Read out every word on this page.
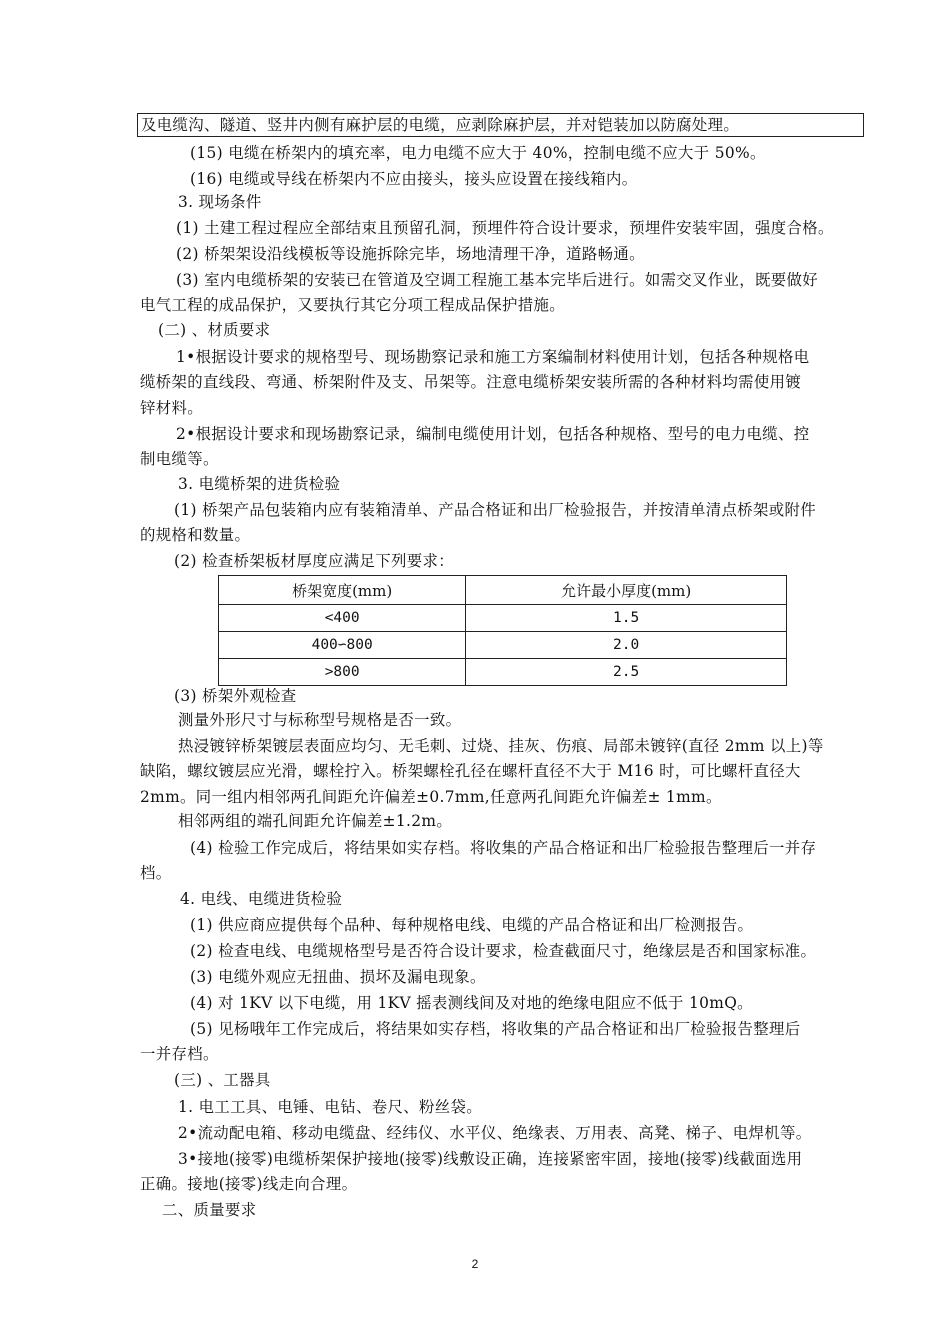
及电缆沟、隧道、竖井内侧有麻护层的电缆，应剥除麻护层，并对铠装加以防腐处理。
(15) 电缆在桥架内的填充率，电力电缆不应大于 40%，控制电缆不应大于 50%。
(16) 电缆或导线在桥架内不应由接头，接头应设置在接线箱内。
3. 现场条件
(1) 土建工程过程应全部结束且预留孔洞，预埋件符合设计要求，预埋件安装牢固，强度合格。
(2) 桥架架设沿线模板等设施拆除完毕，场地清理干净，道路畅通。
(3) 室内电缆桥架的安装已在管道及空调工程施工基本完毕后进行。如需交叉作业，既要做好
电气工程的成品保护，又要执行其它分项工程成品保护措施。
(二) 、材质要求
1•根据设计要求的规格型号、现场勘察记录和施工方案编制材料使用计划，包括各种规格电
缆桥架的直线段、弯通、桥架附件及支、吊架等。注意电缆桥架安装所需的各种材料均需使用镀
锌材料。
2•根据设计要求和现场勘察记录，编制电缆使用计划，包括各种规格、型号的电力电缆、控
制电缆等。
3. 电缆桥架的进货检验
(1) 桥架产品包装箱内应有装箱清单、产品合格证和出厂检验报告，并按清单清点桥架或附件
的规格和数量。
(2) 检查桥架板材厚度应满足下列要求：
桥架宽度(mm)	允许最小厚度(mm)
<400	1.5
400∽800	2.0
>800	2.5
(3) 桥架外观检查
测量外形尺寸与标称型号规格是否一致。
热浸镀锌桥架镀层表面应均匀、无毛刺、过烧、挂灰、伤痕、局部未镀锌(直径 2mm 以上)等
缺陷，螺纹镀层应光滑，螺栓拧入。桥架螺栓孔径在螺杆直径不大于 M16 时，可比螺杆直径大
2mm。同一组内相邻两孔间距允许偏差±0.7mm,任意两孔间距允许偏差± 1mm。
相邻两组的端孔间距允许偏差±1.2m。
(4) 检验工作完成后，将结果如实存档。将收集的产品合格证和出厂检验报告整理后一并存
档。
4. 电线、电缆进货检验
(1) 供应商应提供每个品种、每种规格电线、电缆的产品合格证和出厂检测报告。
(2) 检查电线、电缆规格型号是否符合设计要求，检查截面尺寸，绝缘层是否和国家标准。
(3) 电缆外观应无扭曲、损坏及漏电现象。
(4) 对 1KV 以下电缆，用 1KV 摇表测线间及对地的绝缘电阻应不低于 10mQ。
(5) 见杨哦年工作完成后，将结果如实存档，将收集的产品合格证和出厂检验报告整理后
一并存档。
(三) 、工器具
1. 电工工具、电锤、电钻、卷尺、粉丝袋。
2•流动配电箱、移动电缆盘、经纬仪、水平仪、绝缘表、万用表、高凳、梯子、电焊机等。
3•接地(接零)电缆桥架保护接地(接零)线敷设正确，连接紧密牢固，接地(接零)线截面选用
正确。接地(接零)线走向合理。
二、质量要求
2
